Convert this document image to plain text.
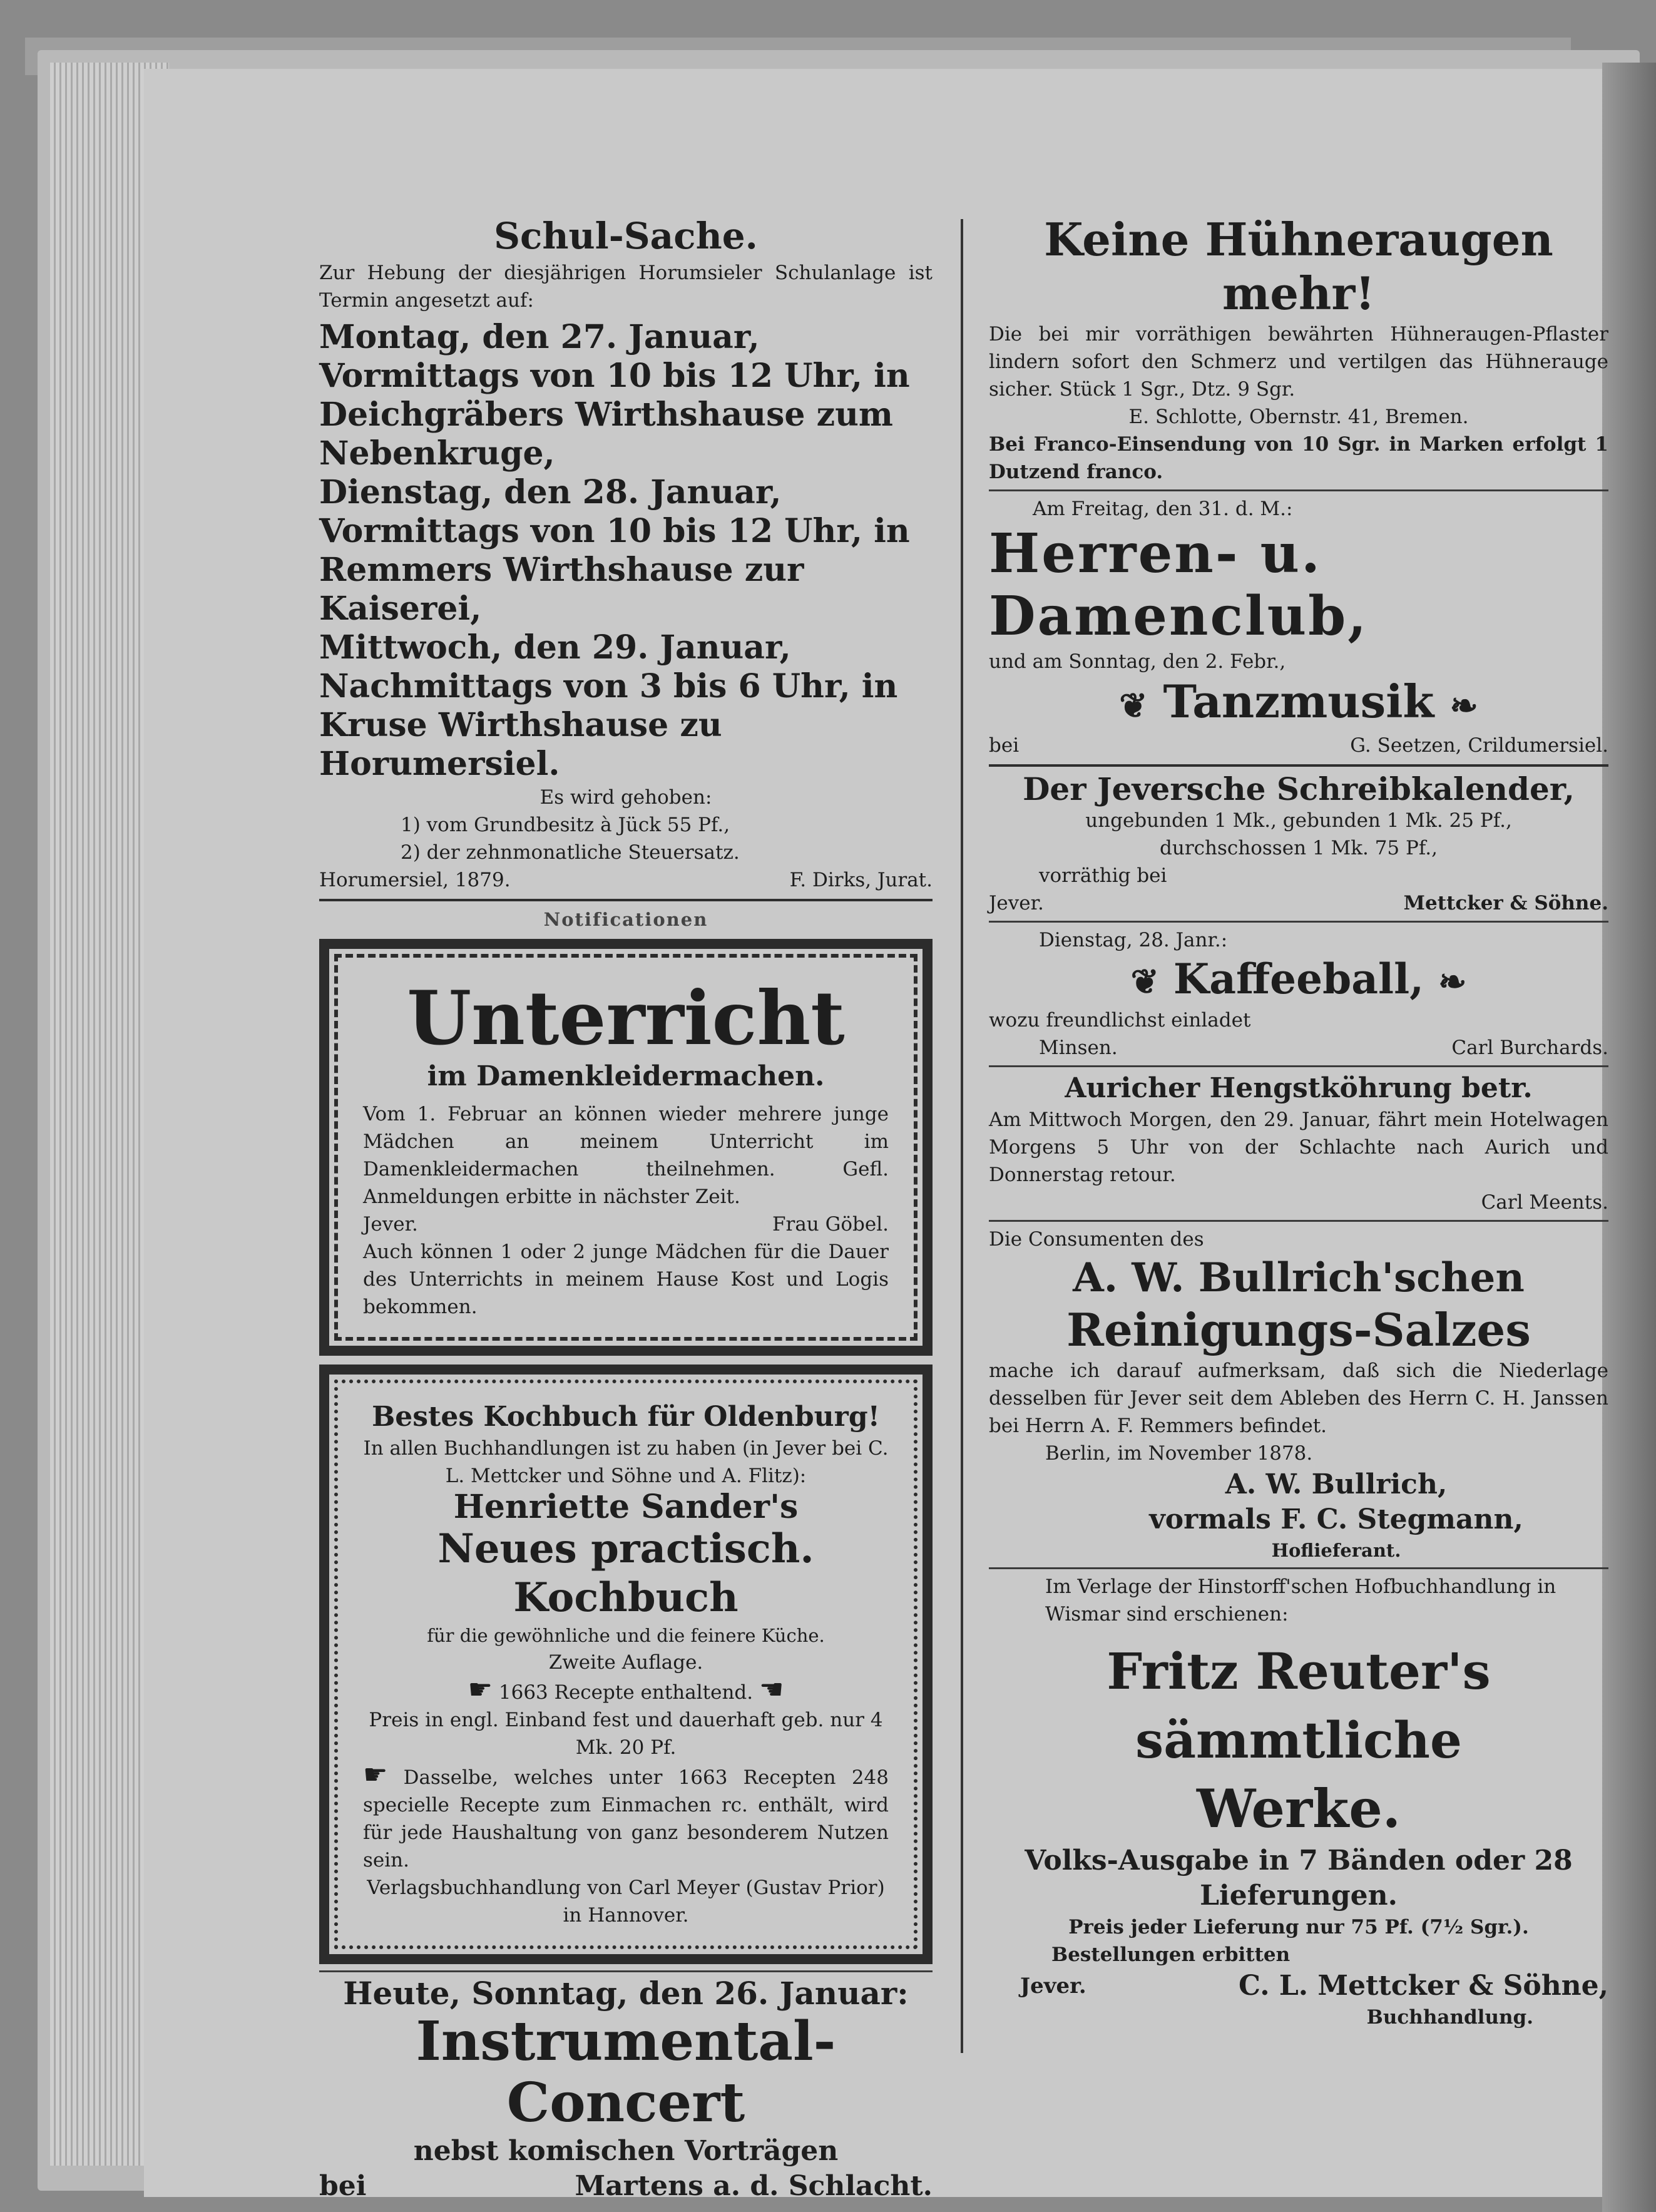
Schul-Sache.
Zur Hebung der diesjährigen Horumsieler Schulanlage ist Termin angesetzt auf:
Montag, den 27. Januar, Vormittags von 10 bis 12 Uhr, in Deichgräbers Wirthshause zum Nebenkruge,
Dienstag, den 28. Januar, Vormittags von 10 bis 12 Uhr, in Remmers Wirthshause zur Kaiserei,
Mittwoch, den 29. Januar, Nachmittags von 3 bis 6 Uhr, in Kruse Wirthshause zu Horumersiel.
Es wird gehoben:
1) vom Grundbesitz à Jück 55 Pf.,
2) der zehnmonatliche Steuersatz.
Horumersiel, 1879.	F. Dirks, Jurat.
Notificationen
Unterricht
im Damenkleidermachen.
Vom 1. Februar an können wieder mehrere junge Mädchen an meinem Unterricht im Damenkleidermachen theilnehmen. Gefl. Anmeldungen erbitte in nächster Zeit.
Jever.	Frau Göbel.
Auch können 1 oder 2 junge Mädchen für die Dauer des Unterrichts in meinem Hause Kost und Logis bekommen.
Bestes Kochbuch für Oldenburg!
In allen Buchhandlungen ist zu haben (in Jever bei C. L. Mettcker und Söhne und A. Flitz):
Henriette Sander's
Neues practisch. Kochbuch
für die gewöhnliche und die feinere Küche.
Zweite Auflage.
☛ 1663 Recepte enthaltend. ☚
Preis in engl. Einband fest und dauerhaft geb. nur 4 Mk. 20 Pf.
☛ Dasselbe, welches unter 1663 Recepten 248 specielle Recepte zum Einmachen rc. enthält, wird für jede Haushaltung von ganz besonderem Nutzen sein.
Verlagsbuchhandlung von Carl Meyer (Gustav Prior) in Hannover.
Heute, Sonntag, den 26. Januar:
Instrumental-Concert
nebst komischen Vorträgen
bei	Martens a. d. Schlacht.
Keine Hühneraugen mehr!
Die bei mir vorräthigen bewährten Hühneraugen-Pflaster lindern sofort den Schmerz und vertilgen das Hühnerauge sicher. Stück 1 Sgr., Dtz. 9 Sgr.
E. Schlotte, Obernstr. 41, Bremen.
Bei Franco-Einsendung von 10 Sgr. in Marken erfolgt 1 Dutzend franco.
Am Freitag, den 31. d. M.:
Herren- u. Damenclub,
und am Sonntag, den 2. Febr.,
❦ Tanzmusik ❧
bei	G. Seetzen, Crildumersiel.
Der Jeversche Schreibkalender,
ungebunden 1 Mk., gebunden 1 Mk. 25 Pf.,
durchschossen 1 Mk. 75 Pf.,
vorräthig bei
Jever.	Mettcker & Söhne.
Dienstag, 28. Janr.:
❦ Kaffeeball, ❧
wozu freundlichst einladet
Minsen.	Carl Burchards.
Auricher Hengstköhrung betr.
Am Mittwoch Morgen, den 29. Januar, fährt mein Hotelwagen Morgens 5 Uhr von der Schlachte nach Aurich und Donnerstag retour.
Carl Meents.
Die Consumenten des
A. W. Bullrich'schen
Reinigungs-Salzes
mache ich darauf aufmerksam, daß sich die Niederlage desselben für Jever seit dem Ableben des Herrn C. H. Janssen bei Herrn A. F. Remmers befindet.
Berlin, im November 1878.
A. W. Bullrich,
vormals F. C. Stegmann,
Hoflieferant.
Im Verlage der Hinstorff'schen Hofbuchhandlung in Wismar sind erschienen:
Fritz Reuter's sämmtliche
Werke.
Volks-Ausgabe in 7 Bänden oder 28 Lieferungen.
Preis jeder Lieferung nur 75 Pf. (7½ Sgr.).
Bestellungen erbitten
Jever.	C. L. Mettcker & Söhne,
Buchhandlung.
